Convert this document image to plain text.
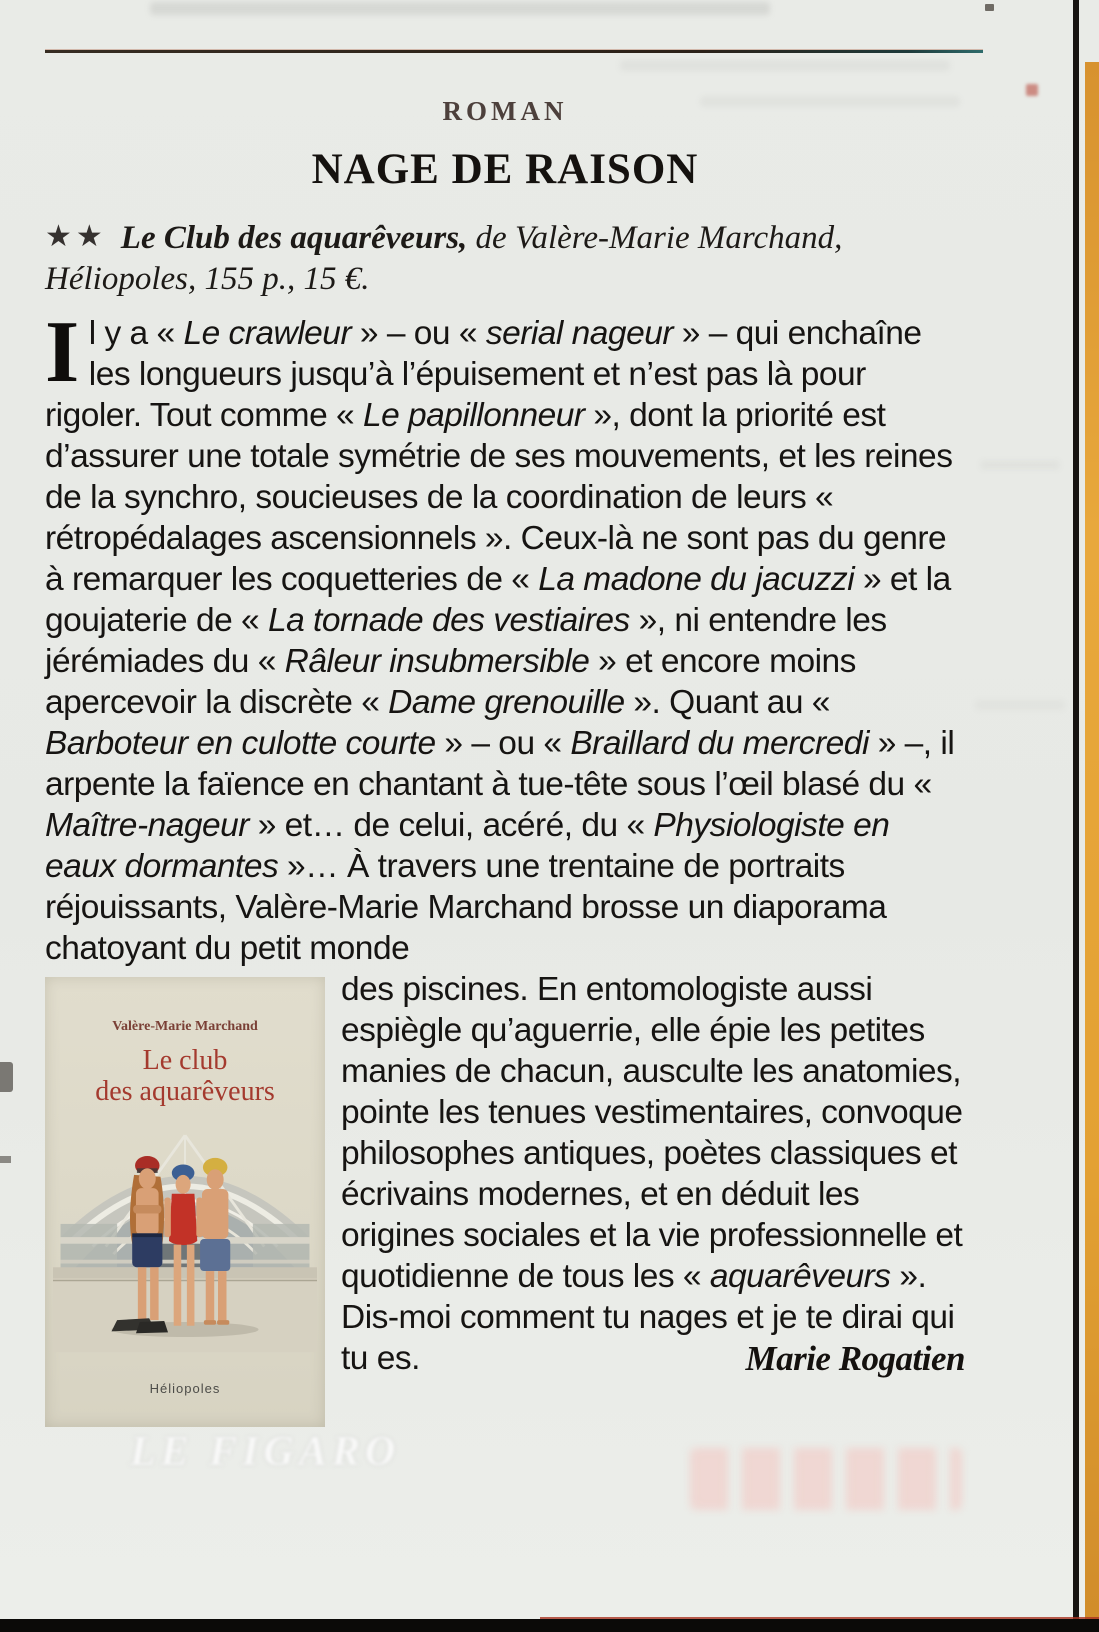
LE FIGARO
ROMAN
NAGE DE RAISON
★★ Le Club des aquarêveurs, de Valère-Marie Marchand,
Héliopoles, 155 p., 15 €.
Il y a « Le crawleur » – ou « serial nageur » – qui enchaîne les longueurs jusqu’à l’épuisement et n’est pas là pour rigoler. Tout comme « Le papillonneur », dont la priorité est d’assurer une totale symétrie de ses mouvements, et les reines de la synchro, soucieuses de la coordination de leurs « rétropédalages ascensionnels ». Ceux-là ne sont pas du genre à remarquer les coquetteries de « La madone du jacuzzi » et la goujaterie de « La tornade des vestiaires », ni entendre les jérémiades du « Râleur insubmersible » et encore moins apercevoir la discrète « Dame grenouille ». Quant au « Barboteur en culotte courte » – ou « Braillard du mercredi » –, il arpente la faïence en chantant à tue-tête sous l’œil blasé du « Maître-nageur » et… de celui, acéré, du « Physiologiste en eaux dormantes »… À travers une trentaine de portraits réjouissants, Valère-Marie Marchand brosse un diaporama chatoyant du petit monde
Valère-Marie Marchand
Le club
des aquarêveurs
Héliopoles
des piscines. En entomologiste aussi espiègle qu’aguerrie, elle épie les petites manies de chacun, ausculte les anatomies, pointe les tenues vestimentaires, convoque philosophes antiques, poètes classiques et écrivains modernes, et en déduit les origines sociales et la vie professionnelle et quotidienne de tous les « aquarêveurs ». Dis-moi comment tu nages et je te dirai qui tu es.	Marie Rogatien
